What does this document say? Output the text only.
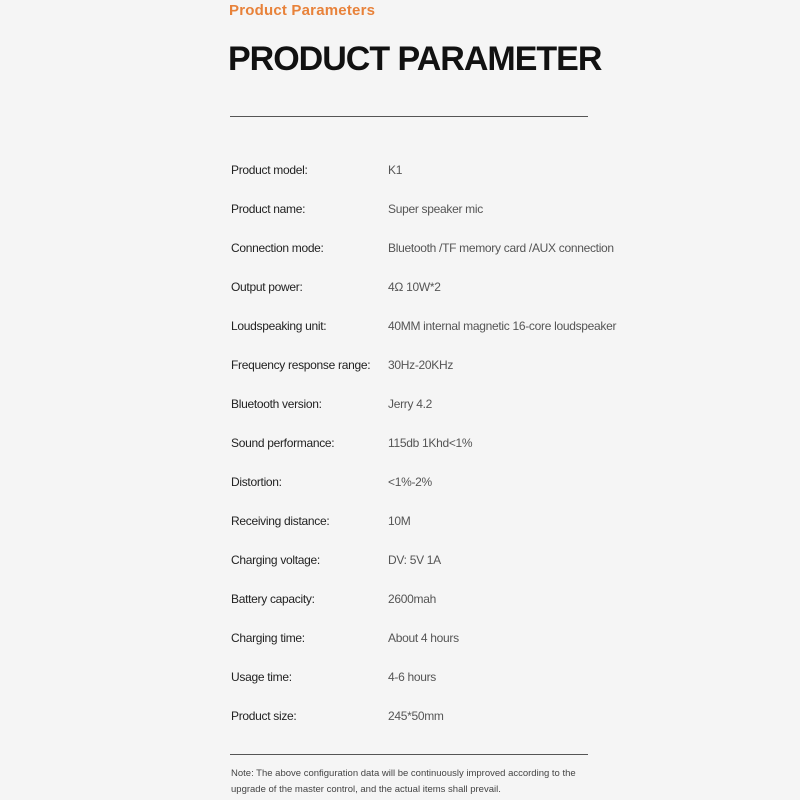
Product Parameters
PRODUCT PARAMETER
Product model:	K1
Product name:	Super speaker mic
Connection mode:	Bluetooth /TF memory card /AUX connection
Output power:	4Ω 10W*2
Loudspeaking unit:	40MM internal magnetic 16-core loudspeaker
Frequency response range: 30Hz-20KHz
Bluetooth version:	Jerry 4.2
Sound performance:	115db 1Khd<1%
Distortion:	<1%-2%
Receiving distance:	10M
Charging voltage:	DV: 5V 1A
Battery capacity:	2600mah
Charging time:	About 4 hours
Usage time:	4-6 hours
Product size:	245*50mm
Note: The above configuration data will be continuously improved according to the upgrade of the master control, and the actual items shall prevail.
